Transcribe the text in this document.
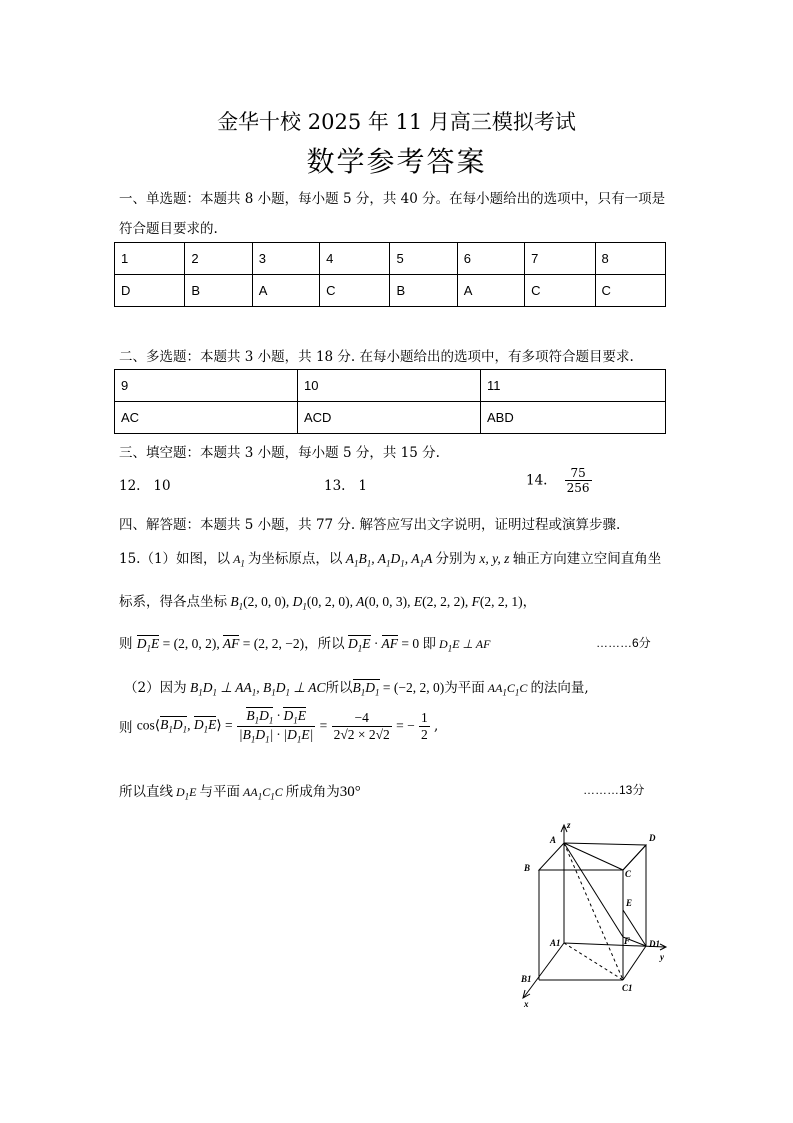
金华十校 2025 年 11 月高三模拟考试
数学参考答案
一、单选题：本题共 8 小题，每小题 5 分，共 40 分。在每小题给出的选项中，只有一项是
符合题目要求的.
1	2	3	4	5	6	7	8
D	B	A	C	B	A	C	C
二、多选题：本题共 3 小题，共 18 分. 在每小题给出的选项中，有多项符合题目要求.
9	10	11
AC	ACD	ABD
三、填空题：本题共 3 小题，每小题 5 分，共 15 分.
12. 10	13. 1	14. $\frac{75}{256}$
四、解答题：本题共 5 小题，共 77 分. 解答应写出文字说明，证明过程或演算步骤.
15.（1）如图，以 $A_1$ 为坐标原点，以 $A_1B_1$, $A_1D_1$, $A_1A$ 分别为 x, y, z 轴正方向建立空间直角坐
标系，得各点坐标 $B_1(2$, 0, 0), $D_1(0$, 2, 0), A(0, 0, 3), E(2, 2, 2), F(2, 2, 1)，
则 $D_1E = (2$, 0, 2), AF = (2, 2, −2)，所以 $D_1E$ · AF = 0 即 $D_1E$ ⊥ AF	………6分
（2）因为 $B_1D_1$ ⊥ $AA_1$, $B_1D_1$ ⊥ AC所以$B_1D_1 = (-2$, 2, 0)为平面 $AA_1C_1C$ 的法向量,
则 $\cos⟨B_1D_1$, $D_1E⟩ = \frac{B_1D_1 \cdot D_1E}{|B_1D_1| \cdot |D_1E|} = \frac{-4}{2√2 \times 2√2}$ = − $\frac{1}{2}$ ,
所以直线 $D_1E$ 与平面 $AA_1C_1C$ 所成角为30°	………13分
A
B
C
D
E
F
A1
B1
C1
D1
x
y
z
